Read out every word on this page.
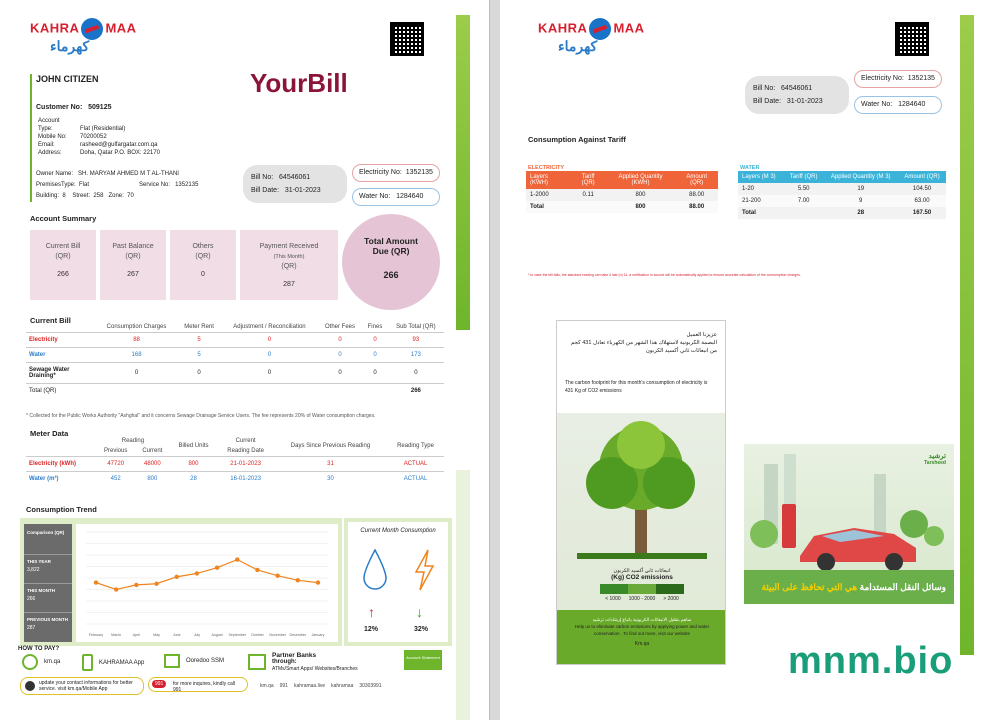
KAHRA MAA
كهرماء
JOHN CITIZEN	YourBill
Customer No: 509125
Account Type:	Flat (Residential)
Mobile No: 70200052
Email:	rasheed@gulfargatar.com.qa
Address:	Doha, Qatar P.O. BOX: 22170
Owner Name: SH. MARYAM AHMED M T AL-THANI
PremisesType: Flat	Service No: 1352135
Building: 8 Street: 258 Zone: 70
Bill No: 64546061
Bill Date: 31-01-2023
Electricity No: 1352135
Water No: 1284640
Account Summary
Current Bill
(QR)
266
Past Balance
(QR)
267
Others
(QR)
0
Payment Received
(This Month)
(QR)
287
Total Amount Due (QR)
266
Current Bill
	Consumption Charges	Meter Rent	Adjustment / Reconciliation	Other Fees	Fines	Sub Total (QR)
Electricity	88	5	0	0	0	93
Water	168	5	0	0	0	173
Sewage Water Draining*	0	0	0	0	0	0
Total (QR)						266
* Collected for the Public Works Authority "Ashghal" and it concerns Sewage Drainage Service Users. The fee represents 20% of Water consumption charges.
Meter Data
	Reading		Billed Units	Current	Days Since Previous Reading	Reading Type
	Previous	Current		Reading Date		
Electricity (kWh)	47720	48000	800	21-01-2023	31	ACTUAL
Water (m³)	452	800	28	16-01-2023	30	ACTUAL
Consumption Trend
Comparison (QR)
THIS YEAR
3,822
THIS MONTH
266
PREVIOUS MONTH
287
February March	April	May	June	July	August September October November December January
Current Month Consumption
↑	↓
12%	32%
HOW TO PAY?
km.qa	KAHRAMAA App	Ooredoo SSM
Partner Banks
through:
ATMs/Smart Apps/ Websites/Branches
Account Statement
update your contact informations for better service. visit km.qa/Mobile App
991	for more inquires, kindly call 991
km.qa 991 kahramaa.live kahramaa 30303991
KAHRA MAA
كهرماء
Bill No: 64546061
Bill Date: 31-01-2023
Electricity No: 1352135
Water No: 1284640
Consumption Against Tariff
ELECTRICITY
Layers (KWH)	Tariff (QR)	Applied Quantity (KWH)	Amount (QR)
1-2000	0.11	800	88.00
Total		800	88.00
WATER
Layers (M 3)	Tariff (QR)	Applied Quantity (M 3)	Amount (QR)
1-20	5.50	19	104.50
21-200	7.00	9	63.00
Total		28	167.50
* In case the bill falls, the standard reading can take 4 last (n) 11, a notification in accord will be automatically applied to ensure accurate calculation of the consumption charges.
عزيزنا العميل
البصمة الكربونية لاستهلاك هذا الشهر من الكهرباء تعادل 431 كجم من انبعاثات ثاني أكسيد الكربون
The carbon footprint for this month's consumption of electricity is 431 Kg of CO2 emissions
انبعاثات ثاني أكسيد الكربون
(Kg) CO2 emissions
< 1000 1000 - 2000 > 2000
ساهم بتقليل الانبعاثات الكربونية باتباع إرشادات ترشيد
Help us to eliminate carbon emissions by applying power and water conservation . To find out more, visit our website
Km.qa
ترشيد
Tarsheed
وسائل النقل المستدامة هي التي تحافظ على البيئة
mnm.bio
